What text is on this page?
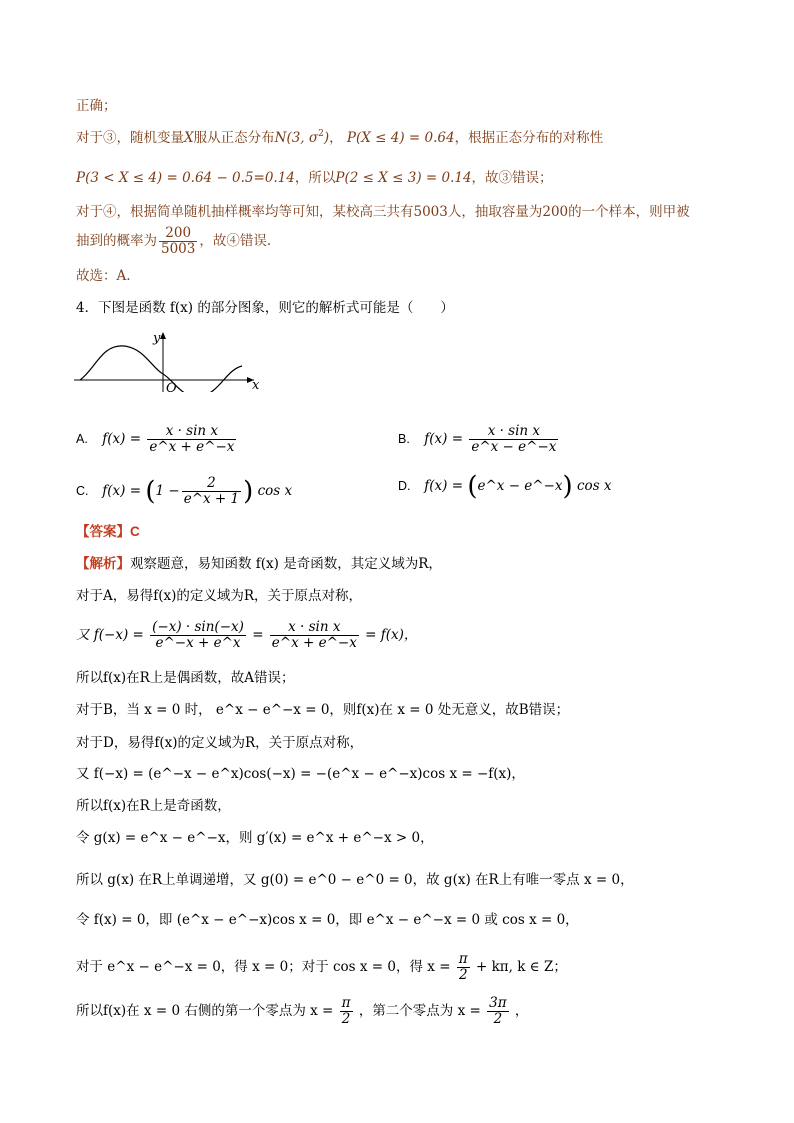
正确；
对于③，随机变量X服从正态分布N(3, $\sigma^2$)， P(X ≤ 4) = 0.64，根据正态分布的对称性
P(3 < X ≤ 4) = 0.64 − 0.5=0.14，所以P(2 ≤ X ≤ 3) = 0.14，故③错误；
对于④，根据简单随机抽样概率均等可知，某校高三共有5003人，抽取容量为200的一个样本，则甲被
抽到的概率为 $\frac{200}{5003}$ ，故④错误.
故选：A.
4．下图是函数 f(x) 的部分图象，则它的解析式可能是（　　）
y
x
O
A. $f(x) = \frac{\text{x · sin x}}{e\^{}x + e\^{}-x}$	B. $f(x) = \frac{\text{x · sin x}}{e\^{}x - e\^{}-x}$
C. $f(x) = (1 - \frac{2}{e\^{}x + 1}$ ) cos x	D. f(x) = (e^x − e^−x) cos x
【答案】C
【解析】观察题意，易知函数 f(x) 是奇函数，其定义域为R，
对于A，易得f(x)的定义域为R，关于原点对称，
又 $f(-x) = \frac{(-x) \cdot \sin(-x)}{e\^{}-x + e\^{}x} = \frac{\text{x · sin x}}{e\^{}x + e\^{}-x} = f(x)$，
所以f(x)在R上是偶函数，故A错误；
对于B，当 x = 0 时， e^x − e^−x = 0，则f(x)在 x = 0 处无意义，故B错误；
对于D，易得f(x)的定义域为R，关于原点对称，
又 f(−x) = (e^−x − e^x)cos(−x) = −(e^x − e^−x)cos x = −f(x)，
所以f(x)在R上是奇函数，
令 g(x) = e^x − e^−x，则 g′(x) = e^x + e^−x > 0，
所以 g(x) 在R上单调递增，又 g(0) = e^0 − e^0 = 0，故 g(x) 在R上有唯一零点 x = 0，
令 f(x) = 0，即 (e^x − e^−x)cos x = 0，即 e^x − e^−x = 0 或 cos x = 0，
对于 e^x − e^−x = 0，得 x = 0；对于 cos x = 0，得 $x = \frac{\pi}{2} + k\pi$, k ∈ Z；
所以f(x)在 x = 0 右侧的第一个零点为 $x = \frac{\pi}{2}$ ，第二个零点为 $x = \frac{3\pi}{2}$ ，
